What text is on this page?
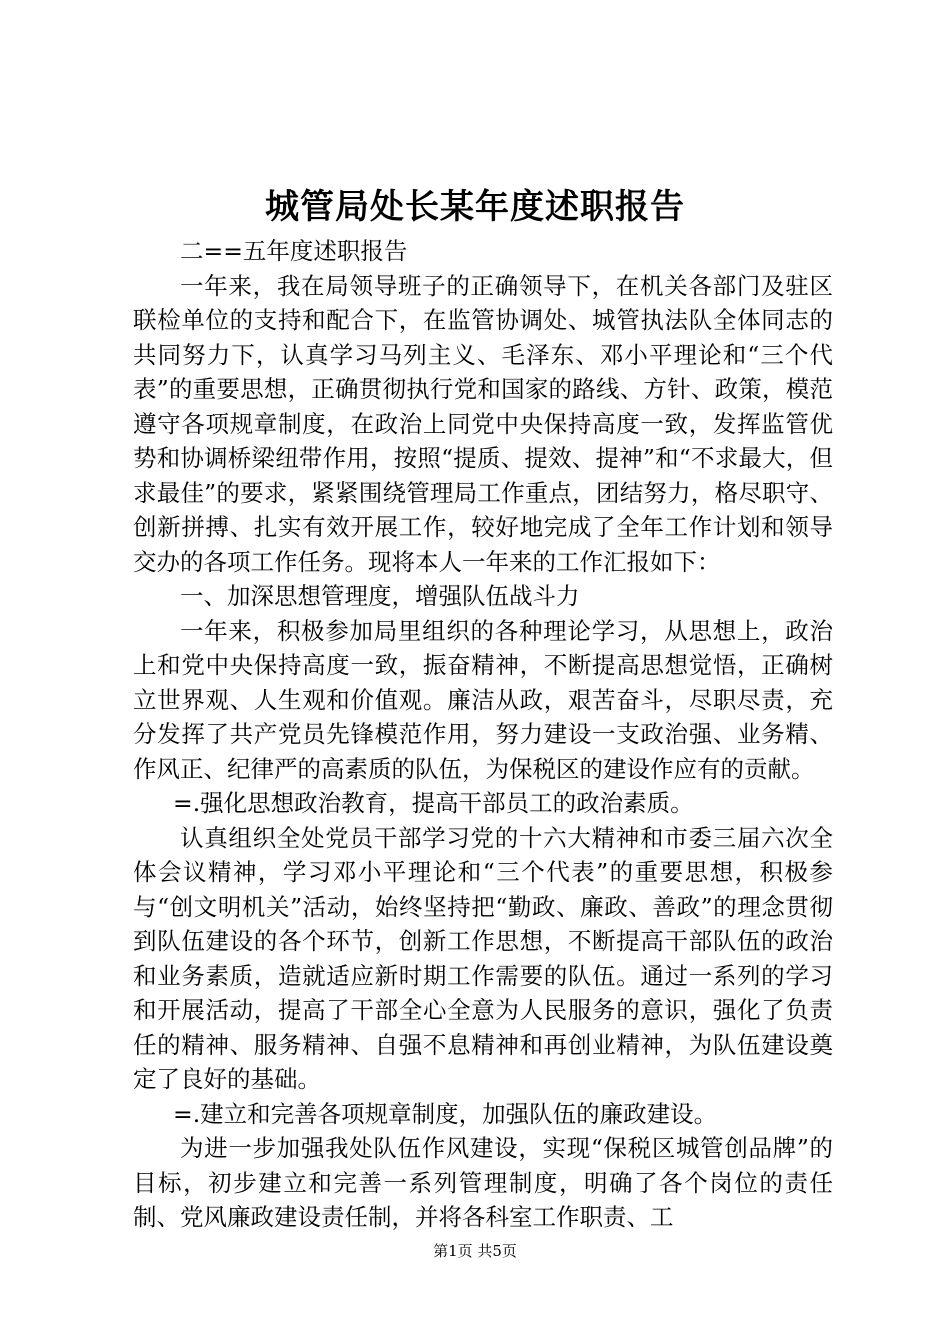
城管局处长某年度述职报告

二==五年度述职报告

一年来，我在局领导班子的正确领导下，在机关各部门及驻区联检单位的支持和配合下，在监管协调处、城管执法队全体同志的共同努力下，认真学习马列主义、毛泽东、邓小平理论和“三个代表”的重要思想，正确贯彻执行党和国家的路线、方针、政策，模范遵守各项规章制度，在政治上同党中央保持高度一致，发挥监管优势和协调桥梁纽带作用，按照“提质、提效、提神”和“不求最大，但求最佳”的要求，紧紧围绕管理局工作重点，团结努力，格尽职守、创新拼搏、扎实有效开展工作，较好地完成了全年工作计划和领导交办的各项工作任务。现将本人一年来的工作汇报如下：

一、加深思想管理度，增强队伍战斗力

一年来，积极参加局里组织的各种理论学习，从思想上，政治上和党中央保持高度一致，振奋精神，不断提高思想觉悟，正确树立世界观、人生观和价值观。廉洁从政，艰苦奋斗，尽职尽责，充分发挥了共产党员先锋模范作用，努力建设一支政治强、业务精、作风正、纪律严的高素质的队伍，为保税区的建设作应有的贡献。

=.强化思想政治教育，提高干部员工的政治素质。

认真组织全处党员干部学习党的十六大精神和市委三届六次全体会议精神，学习邓小平理论和“三个代表”的重要思想，积极参与“创文明机关”活动，始终坚持把“勤政、廉政、善政”的理念贯彻到队伍建设的各个环节，创新工作思想，不断提高干部队伍的政治和业务素质，造就适应新时期工作需要的队伍。通过一系列的学习和开展活动，提高了干部全心全意为人民服务的意识，强化了负责任的精神、服务精神、自强不息精神和再创业精神，为队伍建设奠定了良好的基础。

=.建立和完善各项规章制度，加强队伍的廉政建设。

为进一步加强我处队伍作风建设，实现“保税区城管创品牌”的目标，初步建立和完善一系列管理制度，明确了各个岗位的责任制、党风廉政建设责任制，并将各科室工作职责、工

第1页 共5页
